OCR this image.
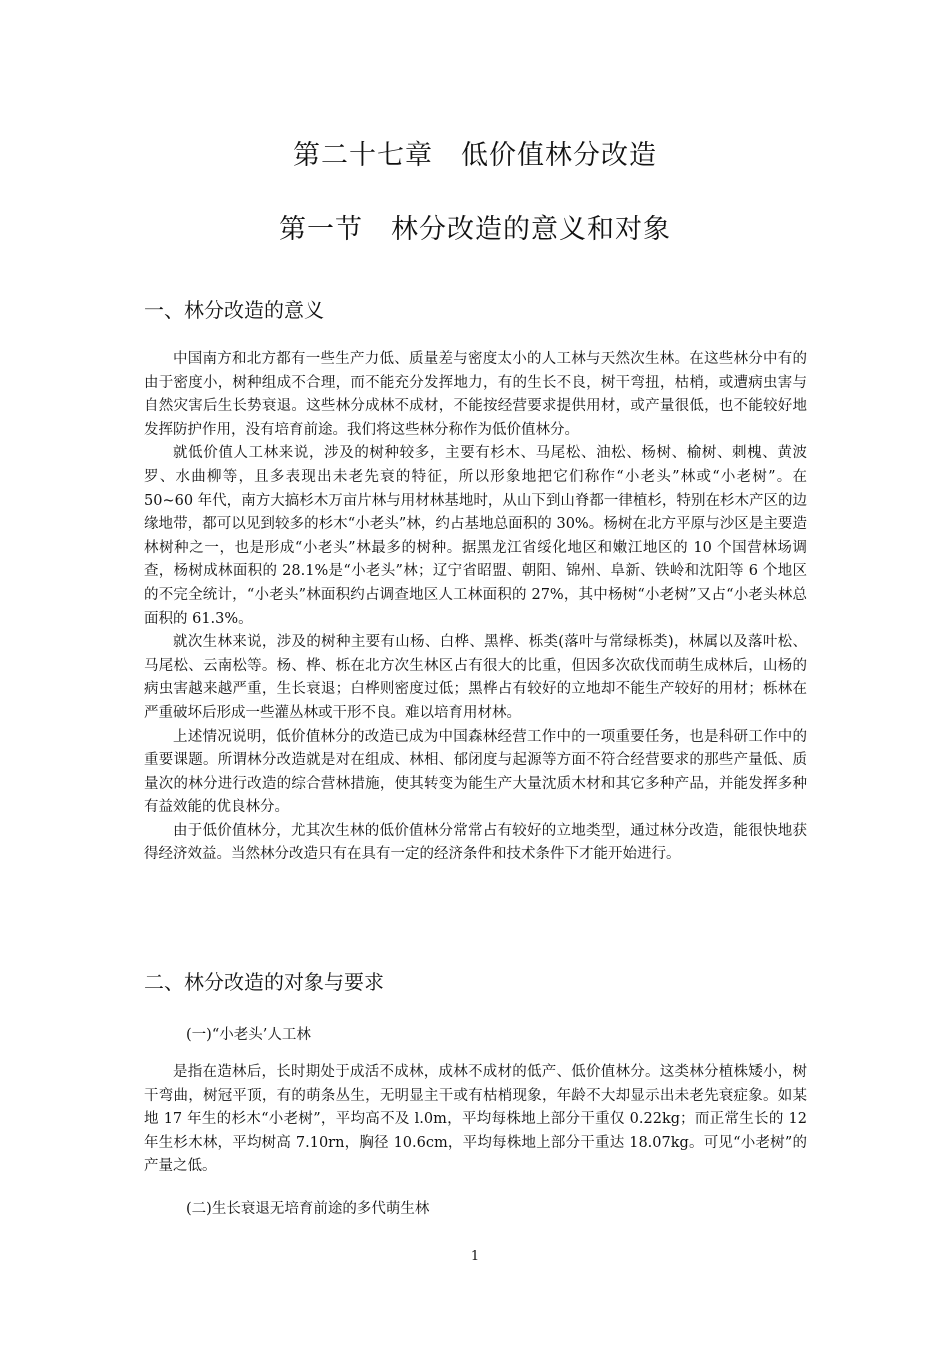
第二十七章　低价值林分改造
第一节　林分改造的意义和对象
一、林分改造的意义

中国南方和北方都有一些生产力低、质量差与密度太小的人工林与天然次生林。在这些林分中有的由于密度小，树种组成不合理，而不能充分发挥地力，有的生长不良，树干弯扭，枯梢，或遭病虫害与自然灾害后生长势衰退。这些林分成林不成材，不能按经营要求提供用材，或产量很低，也不能较好地发挥防护作用，没有培育前途。我们将这些林分称作为低价值林分。

就低价值人工林来说，涉及的树种较多，主要有杉木、马尾松、油松、杨树、榆树、刺槐、黄波罗、水曲柳等，且多表现出未老先衰的特征，所以形象地把它们称作“小老头”林或“小老树”。在 50~60 年代，南方大搞杉木万亩片林与用材林基地时，从山下到山脊都一律植杉，特别在杉木产区的边缘地带，都可以见到较多的杉木“小老头”林，约占基地总面积的 30%。杨树在北方平原与沙区是主要造林树种之一，也是形成“小老头”林最多的树种。据黑龙江省绥化地区和嫩江地区的 10 个国营林场调查，杨树成林面积的 28.1%是“小老头”林；辽宁省昭盟、朝阳、锦州、阜新、铁岭和沈阳等 6 个地区的不完全统计，“小老头”林面积约占调查地区人工林面积的 27%，其中杨树“小老树”又占“小老头林总面积的 61.3%。

就次生林来说，涉及的树种主要有山杨、白桦、黑桦、栎类(落叶与常绿栎类)，林属以及落叶松、马尾松、云南松等。杨、桦、栎在北方次生林区占有很大的比重，但因多次砍伐而萌生成林后，山杨的病虫害越来越严重，生长衰退；白桦则密度过低；黑桦占有较好的立地却不能生产较好的用材；栎林在严重破坏后形成一些灌丛林或干形不良。难以培育用材林。

上述情况说明，低价值林分的改造已成为中国森林经营工作中的一项重要任务，也是科研工作中的重要课题。所谓林分改造就是对在组成、林相、郁闭度与起源等方面不符合经营要求的那些产量低、质量次的林分进行改造的综合营林措施，使其转变为能生产大量沈质木材和其它多种产品，并能发挥多种有益效能的优良林分。

由于低价值林分，尤其次生林的低价值林分常常占有较好的立地类型，通过林分改造，能很快地获得经济效益。当然林分改造只有在具有一定的经济条件和技术条件下才能开始进行。

二、林分改造的对象与要求
(一)“小老头’人工林

是指在造林后，长时期处于成活不成林，成林不成材的低产、低价值林分。这类林分植株矮小，树干弯曲，树冠平顶，有的萌条丛生，无明显主干或有枯梢现象，年龄不大却显示出未老先衰症象。如某地 17 年生的杉木“小老树”，平均高不及 l.0m，平均每株地上部分干重仅 0.22kg；而正常生长的 12 年生杉木林，平均树高 7.10rn，胸径 10.6cm，平均每株地上部分干重达 18.07kg。可见“小老树”的产量之低。

(二)生长衰退无培育前途的多代萌生林
1
